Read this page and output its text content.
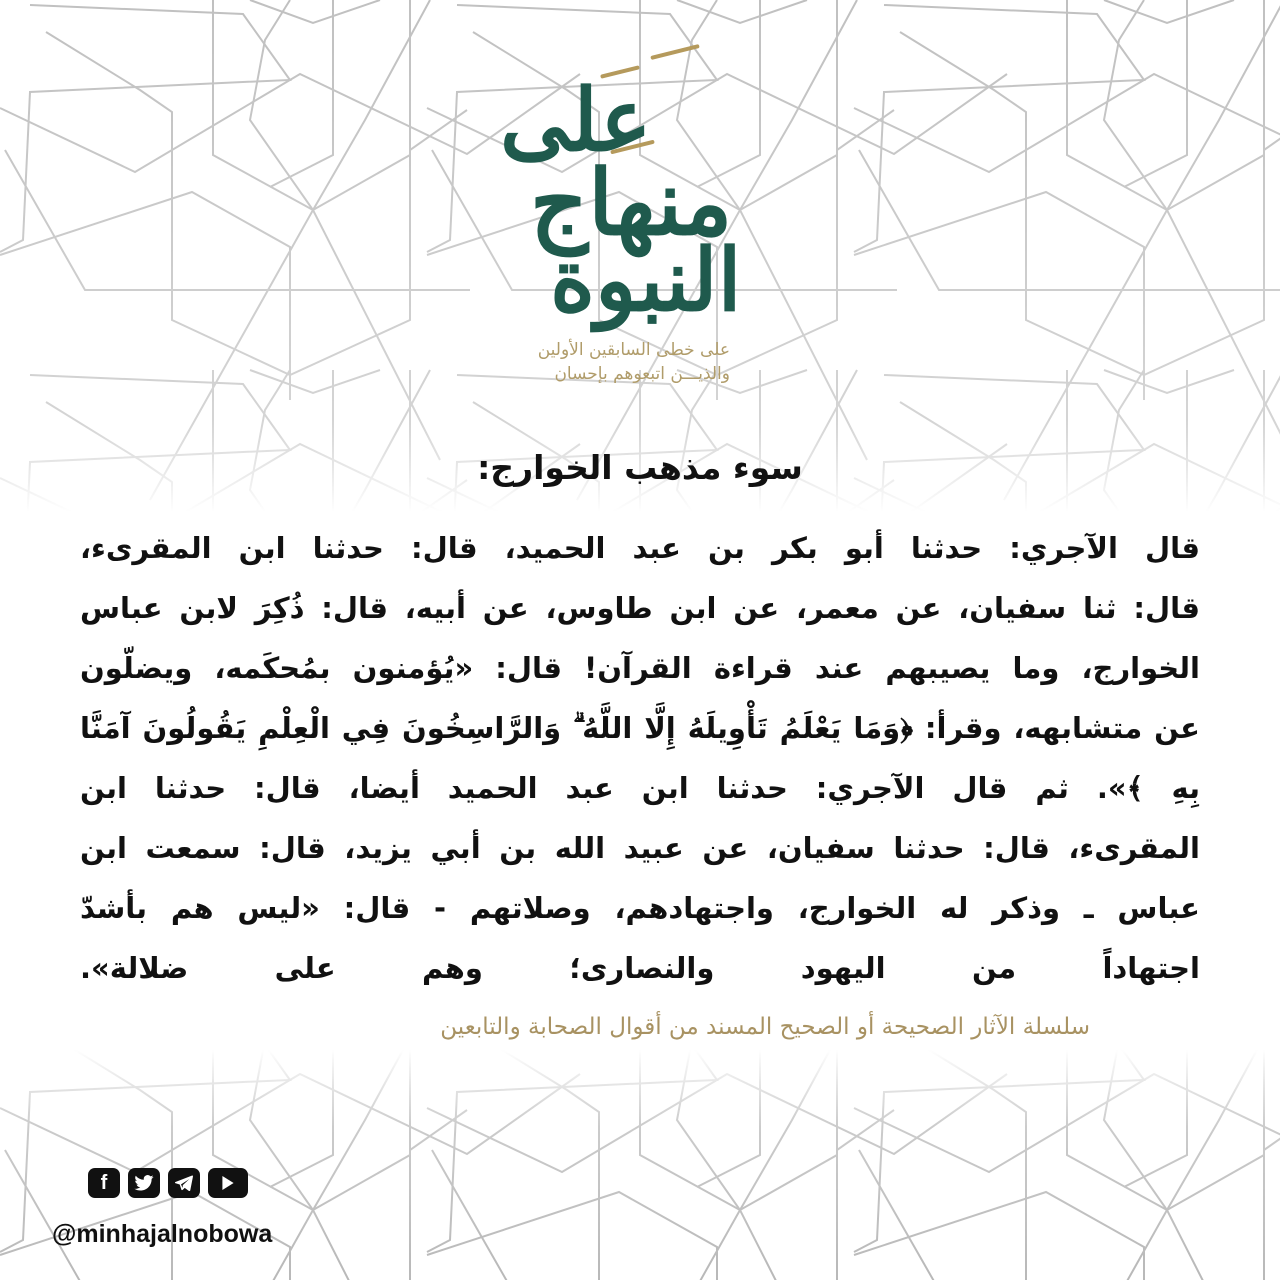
على
منهاج
النبوة
على خطى السابقين الأولين
والذيـــن اتبعوهم بإحسان
سوء مذهب الخوارج:
قال الآجري: حدثنا أبو بكر بن عبد الحميد، قال: حدثنا ابن المقرىء،
قال: ثنا سفيان، عن معمر، عن ابن طاوس، عن أبيه، قال: ذُكِرَ لابن عباس
الخوارج، وما يصيبهم عند قراءة القرآن! قال: «يُؤمنون بمُحكَمه، ويضلّون
عن متشابهه، وقرأ: ﴿وَمَا يَعْلَمُ تَأْوِيلَهُ إِلَّا اللَّهُ ۗ وَالرَّاسِخُونَ فِي الْعِلْمِ يَقُولُونَ آمَنَّا
بِهِ ﴾». ثم قال الآجري: حدثنا ابن عبد الحميد أيضا، قال: حدثنا ابن
المقرىء، قال: حدثنا سفيان، عن عبيد الله بن أبي يزيد، قال: سمعت ابن
عباس ـ وذكر له الخوارج، واجتهادهم، وصلاتهم - قال: «ليس هم بأشدّ
اجتهاداً من اليهود والنصارى؛ وهم على ضلالة».
سلسلة الآثار الصحيحة أو الصحيح المسند من أقوال الصحابة والتابعين
f
@minhajalnobowa
